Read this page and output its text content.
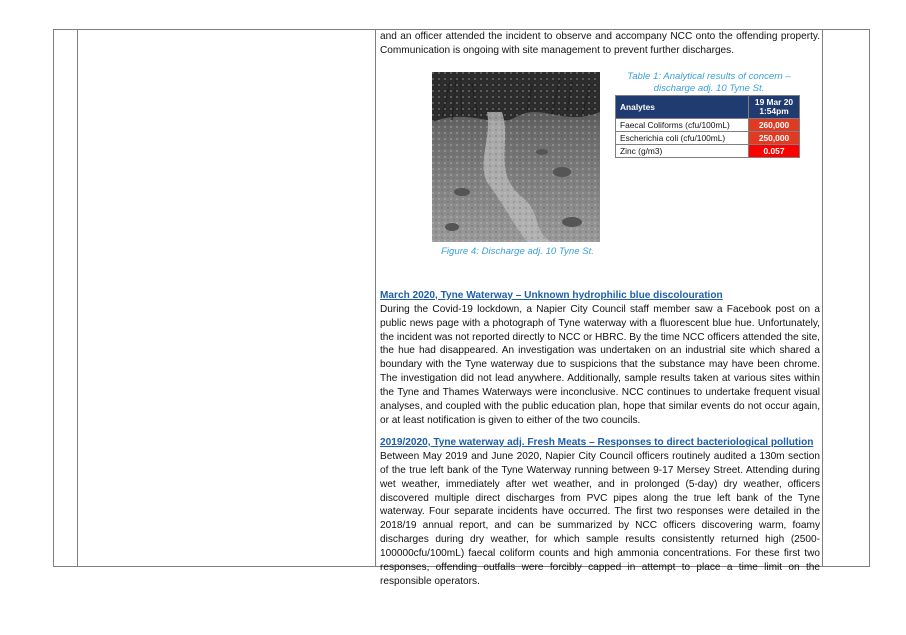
and an officer attended the incident to observe and accompany NCC onto the offending property. Communication is ongoing with site management to prevent further discharges.

March 2020, Tyne Waterway – Unknown hydrophilic blue discolouration

During the Covid-19 lockdown, a Napier City Council staff member saw a Facebook post on a public news page with a photograph of Tyne waterway with a fluorescent blue hue. Unfortunately, the incident was not reported directly to NCC or HBRC. By the time NCC officers attended the site, the hue had disappeared. An investigation was undertaken on an industrial site which shared a boundary with the Tyne waterway due to suspicions that the substance may have been chrome. The investigation did not lead anywhere. Additionally, sample results taken at various sites within the Tyne and Thames Waterways were inconclusive. NCC continues to undertake frequent visual analyses, and coupled with the public education plan, hope that similar events do not occur again, or at least notification is given to either of the two councils.

2019/2020, Tyne waterway adj. Fresh Meats – Responses to direct bacteriological pollution

Between May 2019 and June 2020, Napier City Council officers routinely audited a 130m section of the true left bank of the Tyne Waterway running between 9-17 Mersey Street. Attending during wet weather, immediately after wet weather, and in prolonged (5-day) dry weather, officers discovered multiple direct discharges from PVC pipes along the true left bank of the Tyne waterway. Four separate incidents have occurred. The first two responses were detailed in the 2018/19 annual report, and can be summarized by NCC officers discovering warm, foamy discharges during dry weather, for which sample results consistently returned high (2500-100000cfu/100mL) faecal coliform counts and high ammonia concentrations. For these first two responses, offending outfalls were forcibly capped in attempt to place a time limit on the responsible operators.

Figure 4: Discharge adj. 10 Tyne St.
Table 1: Analytical results of concern – discharge adj. 10 Tyne St.
Analytes	19 Mar 20
1:54pm
Faecal Coliforms (cfu/100mL)	260,000
Escherichia coli (cfu/100mL)	250,000
Zinc (g/m3)	0.057
